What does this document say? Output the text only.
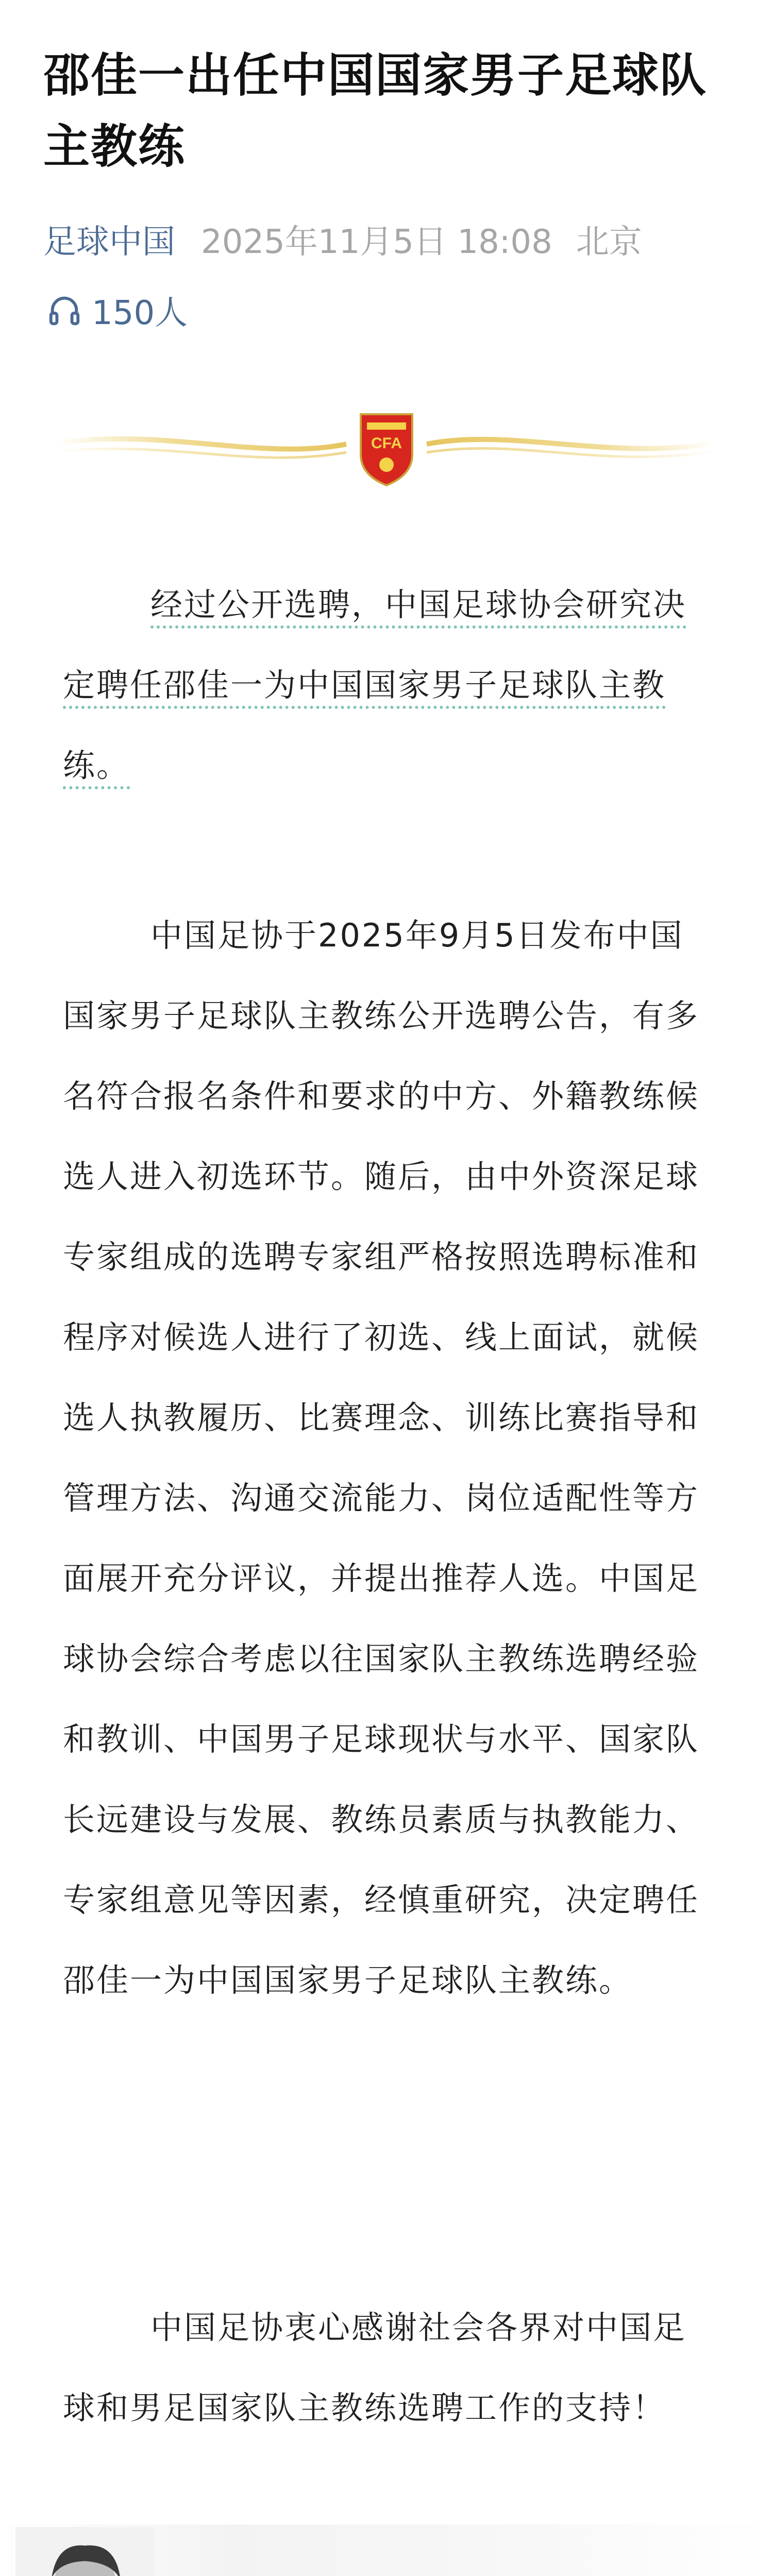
邵佳一出任中国国家男子足球队主教练
足球中国 2025年11月5日 18:08 北京
150人
CFA

经过公开选聘，中国足球协会研究决定聘任邵佳一为中国国家男子足球队主教练。

中国足协于2025年9月5日发布中国国家男子足球队主教练公开选聘公告，有多名符合报名条件和要求的中方、外籍教练候选人进入初选环节。随后，由中外资深足球专家组成的选聘专家组严格按照选聘标准和程序对候选人进行了初选、线上面试，就候选人执教履历、比赛理念、训练比赛指导和管理方法、沟通交流能力、岗位适配性等方面展开充分评议，并提出推荐人选。中国足球协会综合考虑以往国家队主教练选聘经验和教训、中国男子足球现状与水平、国家队长远建设与发展、教练员素质与执教能力、专家组意见等因素，经慎重研究，决定聘任邵佳一为中国国家男子足球队主教练。

中国足协衷心感谢社会各界对中国足球和男足国家队主教练选聘工作的支持！
